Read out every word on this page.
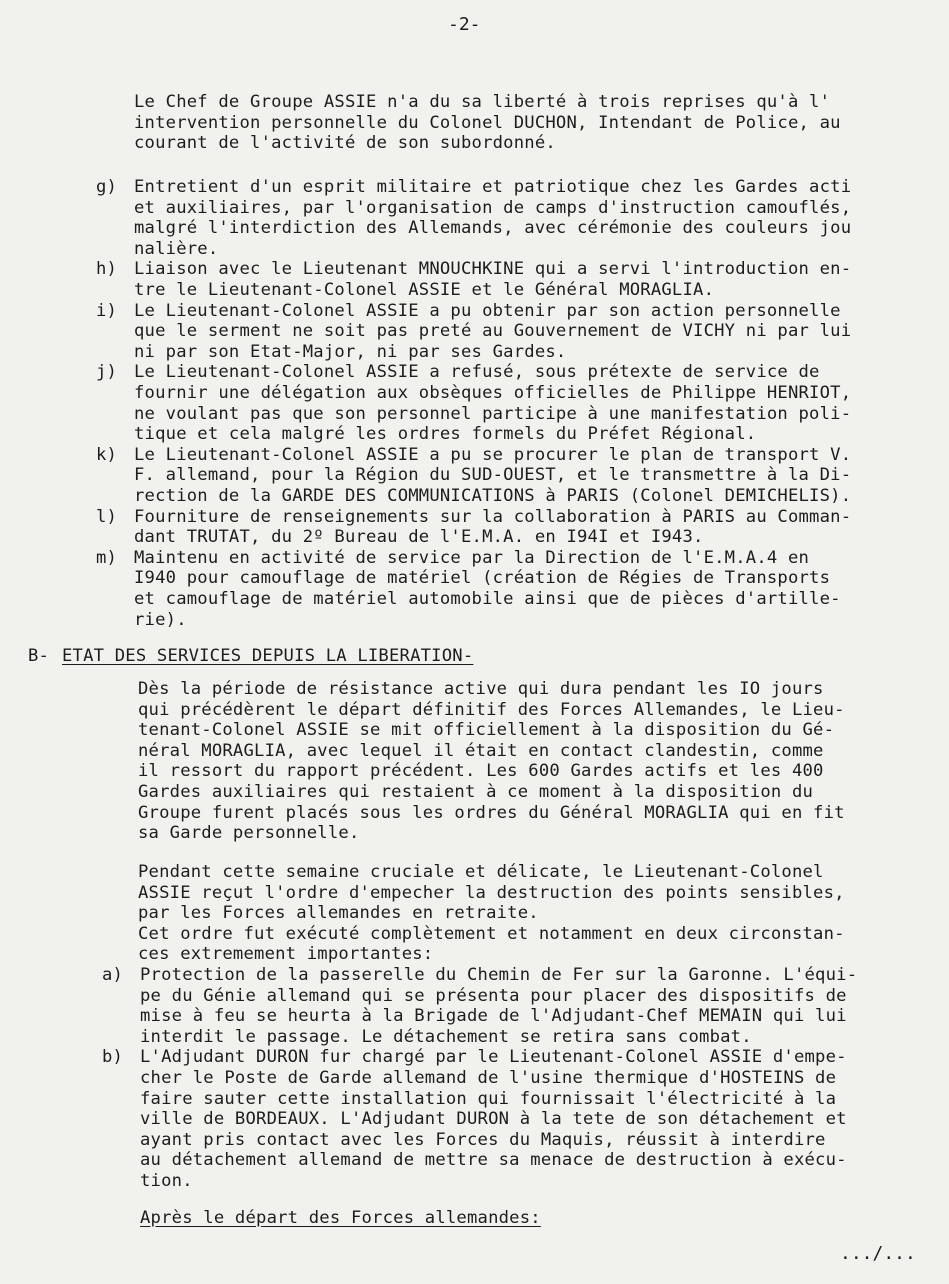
-2-
Le Chef de Groupe ASSIE n'a du sa liberté à trois reprises qu'à l'
intervention personnelle du Colonel DUCHON, Intendant de Police, au
courant de l'activité de son subordonné.
g) Entretient d'un esprit militaire et patriotique chez les Gardes acti
et auxiliaires, par l'organisation de camps d'instruction camouflés,
malgré l'interdiction des Allemands, avec cérémonie des couleurs jou
nalière.
h) Liaison avec le Lieutenant MNOUCHKINE qui a servi l'introduction en-
tre le Lieutenant-Colonel ASSIE et le Général MORAGLIA.
i) Le Lieutenant-Colonel ASSIE a pu obtenir par son action personnelle
que le serment ne soit pas preté au Gouvernement de VICHY ni par lui
ni par son Etat-Major, ni par ses Gardes.
j) Le Lieutenant-Colonel ASSIE a refusé, sous prétexte de service de
fournir une délégation aux obsèques officielles de Philippe HENRIOT,
ne voulant pas que son personnel participe à une manifestation poli-
tique et cela malgré les ordres formels du Préfet Régional.
k) Le Lieutenant-Colonel ASSIE a pu se procurer le plan de transport V.
F. allemand, pour la Région du SUD-OUEST, et le transmettre à la Di-
rection de la GARDE DES COMMUNICATIONS à PARIS (Colonel DEMICHELIS).
l) Fourniture de renseignements sur la collaboration à PARIS au Comman-
dant TRUTAT, du 2º Bureau de l'E.M.A. en I94I et I943.
m) Maintenu en activité de service par la Direction de l'E.M.A.4 en
I940 pour camouflage de matériel (création de Régies de Transports
et camouflage de matériel automobile ainsi que de pièces d'artille-
rie).
B- ETAT DES SERVICES DEPUIS LA LIBERATION-
Dès la période de résistance active qui dura pendant les IO jours
qui précédèrent le départ définitif des Forces Allemandes, le Lieu-
tenant-Colonel ASSIE se mit officiellement à la disposition du Gé-
néral MORAGLIA, avec lequel il était en contact clandestin, comme
il ressort du rapport précédent. Les 600 Gardes actifs et les 400
Gardes auxiliaires qui restaient à ce moment à la disposition du
Groupe furent placés sous les ordres du Général MORAGLIA qui en fit
sa Garde personnelle.
Pendant cette semaine cruciale et délicate, le Lieutenant-Colonel
ASSIE reçut l'ordre d'empecher la destruction des points sensibles,
par les Forces allemandes en retraite.
Cet ordre fut exécuté complètement et notamment en deux circonstan-
ces extremement importantes:
a) Protection de la passerelle du Chemin de Fer sur la Garonne. L'équi-
pe du Génie allemand qui se présenta pour placer des dispositifs de
mise à feu se heurta à la Brigade de l'Adjudant-Chef MEMAIN qui lui
interdit le passage. Le détachement se retira sans combat.
b) L'Adjudant DURON fur chargé par le Lieutenant-Colonel ASSIE d'empe-
cher le Poste de Garde allemand de l'usine thermique d'HOSTEINS de
faire sauter cette installation qui fournissait l'électricité à la
ville de BORDEAUX. L'Adjudant DURON à la tete de son détachement et
ayant pris contact avec les Forces du Maquis, réussit à interdire
au détachement allemand de mettre sa menace de destruction à exécu-
tion.
Après le départ des Forces allemandes:
.../...
